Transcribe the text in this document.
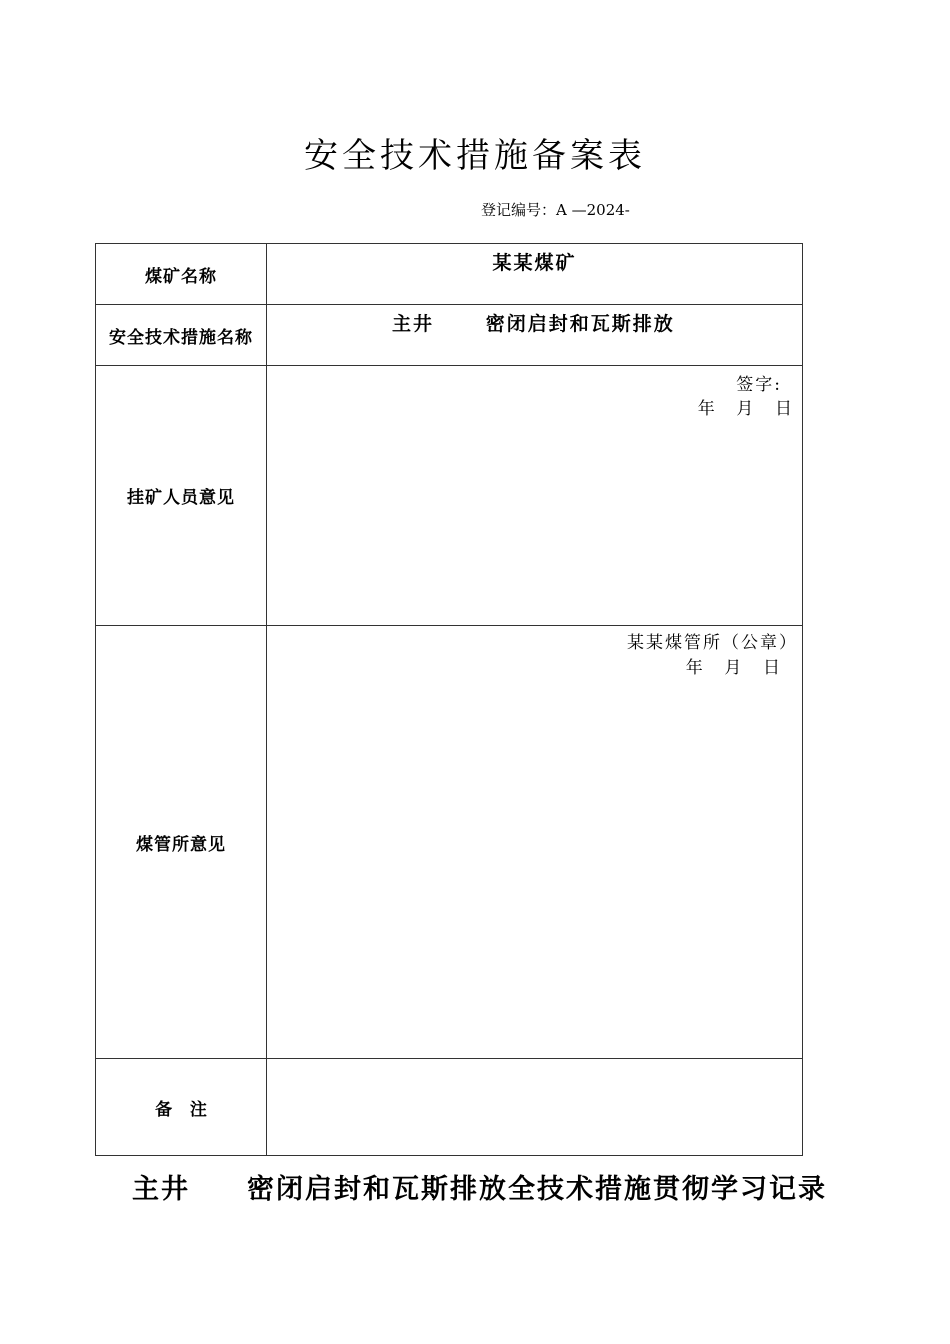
安全技术措施备案表
登记编号：A —2024-
煤矿名称	某某煤矿

安全技术措施名称	主井      密闭启封和瓦斯排放

挂矿人员意见	签字:
年    月    日

煤管所意见	某某煤管所（公章）
年    月    日

备   注	
主井     密闭启封和瓦斯排放全技术措施贯彻学习记录
